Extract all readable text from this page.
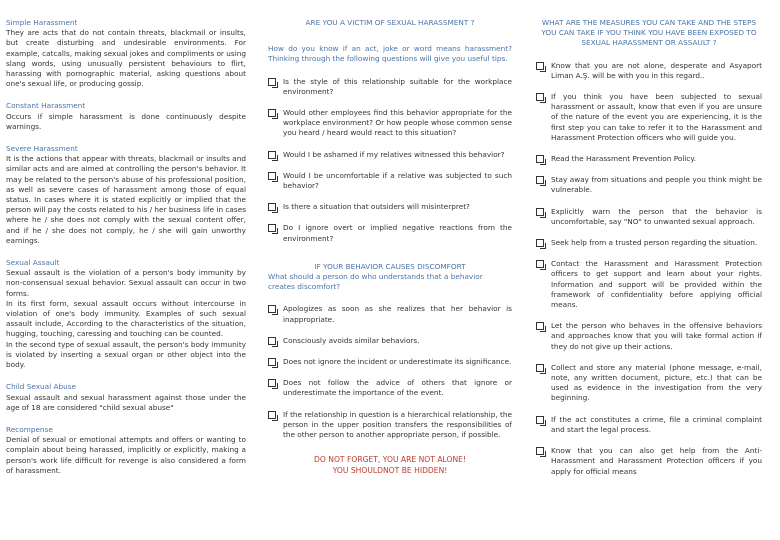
Simple Harassment
They are acts that do not contain threats, blackmail or insults, but create disturbing and undesirable environments. For example, catcalls, making sexual jokes and compliments or using slang words, using unusually persistent behaviours to flirt, harassing with pornographic material, asking questions about one's sexual life, or producing gossip.
Constant Harassment
Occurs if simple harassment is done continuously despite warnings.
Severe Harassment
It is the actions that appear with threats, blackmail or insults and similar acts and are aimed at controlling the person's behavior. It may be related to the person's abuse of his professional position, as well as severe cases of harassment among those of equal status. In cases where it is stated explicitly or implied that the person will pay the costs related to his / her business life in cases where he / she does not comply with the sexual content offer, and if he / she does not comply, he / she will gain unworthy earnings.
Sexual Assault
Sexual assault is the violation of a person's body immunity by non-consensual sexual behavior. Sexual assault can occur in two forms.
In its first form, sexual assault occurs without intercourse in violation of one's body immunity. Examples of such sexual assault include, According to the characteristics of the situation, hugging, touching, caressing and touching can be counted.
In the second type of sexual assault, the person's body immunity is violated by inserting a sexual organ or other object into the body.
Child Sexual Abuse
Sexual assault and sexual harassment against those under the age of 18 are considered "child sexual abuse"
Recompense
Denial of sexual or emotional attempts and offers or wanting to complain about being harassed, implicitly or explicitly, making a person's work life difficult for revenge is also considered a form of harassment.
ARE YOU A VICTIM OF SEXUAL HARASSMENT ?
How do you know if an act, joke or word means harassment? Thinking through the following questions will give you useful tips.
Is the style of this relationship suitable for the workplace environment?
Would other employees find this behavior appropriate for the workplace environment? Or how people whose common sense you heard / heard would react to this situation?
Would I be ashamed if my relatives witnessed this behavior?
Would I be uncomfortable if a relative was subjected to such behavior?
Is there a situation that outsiders will misinterpret?
Do I ignore overt or implied negative reactions from the environment?
IF YOUR BEHAVIOR CAUSES DISCOMFORT
What should a person do who understands that a behavior creates discomfort?
Apologizes as soon as she realizes that her behavior is inappropriate.
Consciously avoids similar behaviors.
Does not ignore the incident or underestimate its significance.
Does not follow the advice of others that ignore or underestimate the importance of the event.
If the relationship in question is a hierarchical relationship, the person in the upper position transfers the responsibilities of the other person to another appropriate person, if possible.
DO NOT FORGET, YOU ARE NOT ALONE!
YOU SHOULDNOT BE HIDDEN!
WHAT ARE THE MEASURES YOU CAN TAKE AND THE STEPS YOU CAN TAKE IF YOU THINK YOU HAVE BEEN EXPOSED TO SEXUAL HARASSMENT OR ASSAULT ?
Know that you are not alone, desperate and Asyaport Liman A.Ş. will be with you in this regard..
If you think you have been subjected to sexual harassment or assault, know that even if you are unsure of the nature of the event you are experiencing, it is the first step you can take to refer it to the Harassment and Harassment Protection officers who will guide you.
Read the Harassment Prevention Policy.
Stay away from situations and people you think might be vulnerable.
Explicitly warn the person that the behavior is uncomfortable, say "NO" to unwanted sexual approach.
Seek help from a trusted person regarding the situation.
Contact the Harassment and Harassment Protection officers to get support and learn about your rights. Information and support will be provided within the framework of confidentiality before applying official means.
Let the person who behaves in the offensive behaviors and approaches know that you will take formal action if they do not give up their actions.
Collect and store any material (phone message, e-mail, note, any written document, picture, etc.) that can be used as evidence in the investigation from the very beginning.
If the act constitutes a crime, file a criminal complaint and start the legal process.
Know that you can also get help from the Anti-Harassment and Harassment Protection officers if you apply for official means
